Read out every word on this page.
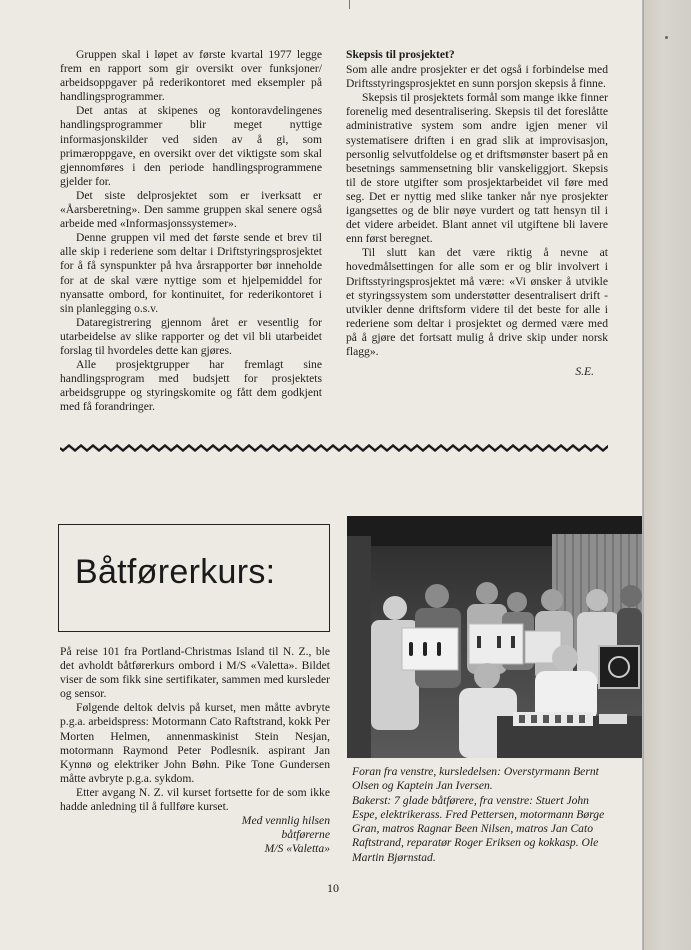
Gruppen skal i løpet av første kvartal 1977 legge frem en rapport som gir oversikt over funksjoner/ arbeidsoppgaver på rederikontoret med eksempler på handlingsprogrammer.

Det antas at skipenes og kontoravdelingenes handlingsprogrammer blir meget nyttige informasjonskilder ved siden av å gi, som primæroppgave, en oversikt over det viktigste som skal gjennomføres i den periode handlingsprogrammene gjelder for.

Det siste delprosjektet som er iverksatt er «Åarsberetning». Den samme gruppen skal senere også arbeide med «Informasjonssystemer».

Denne gruppen vil med det første sende et brev til alle skip i rederiene som deltar i Driftstyringsprosjektet for å få synspunkter på hva årsrapporter bør inneholde for at de skal være nyttige som et hjelpemiddel for nyansatte ombord, for kontinuitet, for rederikontoret i sin planlegging o.s.v.

Dataregistrering gjennom året er vesentlig for utarbeidelse av slike rapporter og det vil bli utarbeidet forslag til hvordeles dette kan gjøres.

Alle prosjektgrupper har fremlagt sine handlingsprogram med budsjett for prosjektets arbeidsgruppe og styringskomite og fått dem godkjent med få forandringer.

Skepsis til prosjektet?

Som alle andre prosjekter er det også i forbindelse med Driftsstyringsprosjektet en sunn porsjon skepsis å finne.

Skepsis til prosjektets formål som mange ikke finner forenelig med desentralisering. Skepsis til det foreslåtte administrative system som andre igjen mener vil systematisere driften i en grad slik at improvisasjon, personlig selvutfoldelse og et driftsmønster basert på en besetnings sammensetning blir vanskeliggjort. Skepsis til de store utgifter som prosjektarbeidet vil føre med seg. Det er nyttig med slike tanker når nye prosjekter igangsettes og de blir nøye vurdert og tatt hensyn til i det videre arbeidet. Blant annet vil utgiftene bli lavere enn først beregnet.

Til slutt kan det være riktig å nevne at hovedmålsettingen for alle som er og blir involvert i Driftsstyringsprosjektet må være: «Vi ønsker å utvikle et styringssystem som understøtter desentralisert drift - utvikler denne driftsform videre til det beste for alle i rederiene som deltar i prosjektet og dermed være med på å gjøre det fortsatt mulig å drive skip under norsk flagg».

S.E.
Båtførerkurs:

På reise 101 fra Portland-Christmas Island til N. Z., ble det avholdt båtførerkurs ombord i M/S «Valetta». Bildet viser de som fikk sine sertifikater, sammen med kursleder og sensor.

Følgende deltok delvis på kurset, men måtte avbryte p.g.a. arbeidspress: Motormann Cato Raftstrand, kokk Per Morten Helmen, annenmaskinist Stein Nesjan, motormann Raymond Peter Podlesnik. aspirant Jan Kynnø og elektriker John Bøhn. Pike Tone Gundersen måtte avbryte p.g.a. sykdom.

Etter avgang N. Z. vil kurset fortsette for de som ikke hadde anledning til å fullføre kurset.

Med vennlig hilsen
båtførerne
M/S «Valetta»

Foran fra venstre, kursledelsen: Overstyrmann Bernt Olsen og Kaptein Jan Iversen.

Bakerst: 7 glade båtførere, fra venstre: Stuert John Espe, elektrikerass. Fred Pettersen, motormann Børge Gran, matros Ragnar Been Nilsen, matros Jan Cato Raftstrand, reparatør Roger Eriksen og kokkasp. Ole Martin Bjørnstad.

10
